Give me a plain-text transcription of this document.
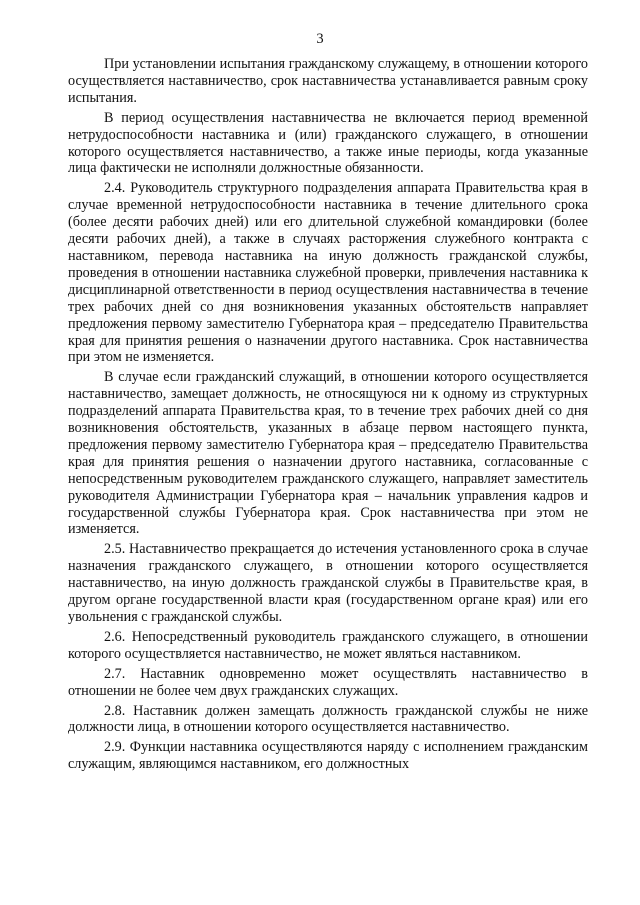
3

При установлении испытания гражданскому служащему, в отношении которого осуществляется наставничество, срок наставничества устанавливается равным сроку испытания.

В период осуществления наставничества не включается период временной нетрудоспособности наставника и (или) гражданского служащего, в отношении которого осуществляется наставничество, а также иные периоды, когда указанные лица фактически не исполняли должностные обязанности.

2.4. Руководитель структурного подразделения аппарата Правительства края в случае временной нетрудоспособности наставника в течение длительного срока (более десяти рабочих дней) или его длительной служебной командировки (более десяти рабочих дней), а также в случаях расторжения служебного контракта с наставником, перевода наставника на иную должность гражданской службы, проведения в отношении наставника служебной проверки, привлечения наставника к дисциплинарной ответственности в период осуществления наставничества в течение трех рабочих дней со дня возникновения указанных обстоятельств направляет предложения первому заместителю Губернатора края – председателю Правительства края для принятия решения о назначении другого наставника. Срок наставничества при этом не изменяется.

В случае если гражданский служащий, в отношении которого осуществляется наставничество, замещает должность, не относящуюся ни к одному из структурных подразделений аппарата Правительства края, то в течение трех рабочих дней со дня возникновения обстоятельств, указанных в абзаце первом настоящего пункта, предложения первому заместителю Губернатора края – председателю Правительства края для принятия решения о назначении другого наставника, согласованные с непосредственным руководителем гражданского служащего, направляет заместитель руководителя Администрации Губернатора края – начальник управления кадров и государственной службы Губернатора края. Срок наставничества при этом не изменяется.

2.5. Наставничество прекращается до истечения установленного срока в случае назначения гражданского служащего, в отношении которого осуществляется наставничество, на иную должность гражданской службы в Правительстве края, в другом органе государственной власти края (государственном органе края) или его увольнения с гражданской службы.

2.6. Непосредственный руководитель гражданского служащего, в отношении которого осуществляется наставничество, не может являться наставником.

2.7. Наставник одновременно может осуществлять наставничество в отношении не более чем двух гражданских служащих.

2.8. Наставник должен замещать должность гражданской службы не ниже должности лица, в отношении которого осуществляется наставничество.

2.9. Функции наставника осуществляются наряду с исполнением гражданским служащим, являющимся наставником, его должностных
